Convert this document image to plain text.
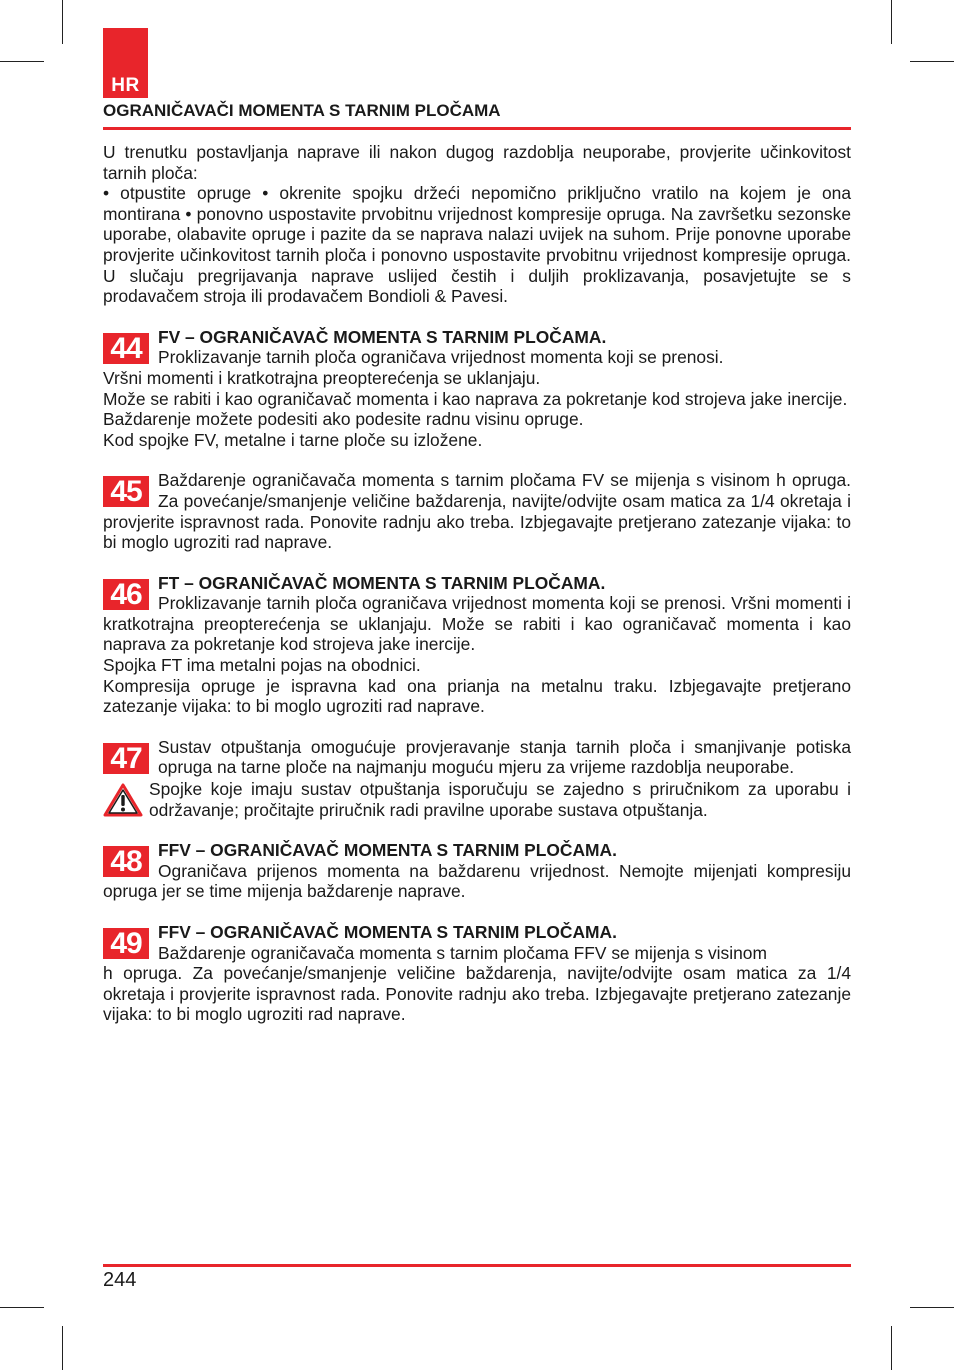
HR
OGRANIČAVAČI MOMENTA S TARNIM PLOČAMA

U trenutku postavljanja naprave ili nakon dugog razdoblja neuporabe, provjerite učinkovitost tarnih ploča:

• otpustite opruge • okrenite spojku držeći nepomično priključno vratilo na kojem je ona montirana • ponovno uspostavite prvobitnu vrijednost kompresije opruga. Na završetku sezonske uporabe, olabavite opruge i pazite da se naprava nalazi uvijek na suhom. Prije ponovne uporabe provjerite učinkovitost tarnih ploča i ponovno uspostavite prvobitnu vrijednost kompresije opruga. U slučaju pregrijavanja naprave uslijed čestih i duljih proklizavanja, posavjetujte se s prodavačem stroja ili prodavačem Bondioli & Pavesi.

44 FV – OGRANIČAVAČ MOMENTA S TARNIM PLOČAMA.

Proklizavanje tarnih ploča ograničava vrijednost momenta koji se prenosi.

Vršni momenti i kratkotrajna preopterećenja se uklanjaju.

Može se rabiti i kao ograničavač momenta i kao naprava za pokretanje kod strojeva jake inercije.

Baždarenje možete podesiti ako podesite radnu visinu opruge.

Kod spojke FV, metalne i tarne ploče su izložene.

45 Baždarenje ograničavača momenta s tarnim pločama FV se mijenja s visinom h opruga. Za povećanje/smanjenje veličine baždarenja, navijte/odvijte osam matica za 1/4 okretaja i provjerite ispravnost rada. Ponovite radnju ako treba. Izbjegavajte pretjerano zatezanje vijaka: to bi moglo ugroziti rad naprave.

46 FT – OGRANIČAVAČ MOMENTA S TARNIM PLOČAMA.

Proklizavanje tarnih ploča ograničava vrijednost momenta koji se prenosi. Vršni momenti i kratkotrajna preopterećenja se uklanjaju. Može se rabiti i kao ograničavač momenta i kao naprava za pokretanje kod strojeva jake inercije.

Spojka FT ima metalni pojas na obodnici.

Kompresija opruge je ispravna kad ona prianja na metalnu traku. Izbjegavajte pretjerano zatezanje vijaka: to bi moglo ugroziti rad naprave.

47 Sustav otpuštanja omogućuje provjeravanje stanja tarnih ploča i smanjivanje potiska opruga na tarne ploče na najmanju moguću mjeru za vrijeme razdoblja neuporabe.

Spojke koje imaju sustav otpuštanja isporučuju se zajedno s priručnikom za uporabu i održavanje; pročitajte priručnik radi pravilne uporabe sustava otpuštanja.

48 FFV – OGRANIČAVAČ MOMENTA S TARNIM PLOČAMA.

Ograničava prijenos momenta na baždarenu vrijednost. Nemojte mijenjati kompresiju opruga jer se time mijenja baždarenje naprave.

49 FFV – OGRANIČAVAČ MOMENTA S TARNIM PLOČAMA.

Baždarenje ograničavača momenta s tarnim pločama FFV se mijenja s visinom

h opruga. Za povećanje/smanjenje veličine baždarenja, navijte/odvijte osam matica za 1/4 okretaja i provjerite ispravnost rada. Ponovite radnju ako treba. Izbjegavajte pretjerano zatezanje vijaka: to bi moglo ugroziti rad naprave.

244
